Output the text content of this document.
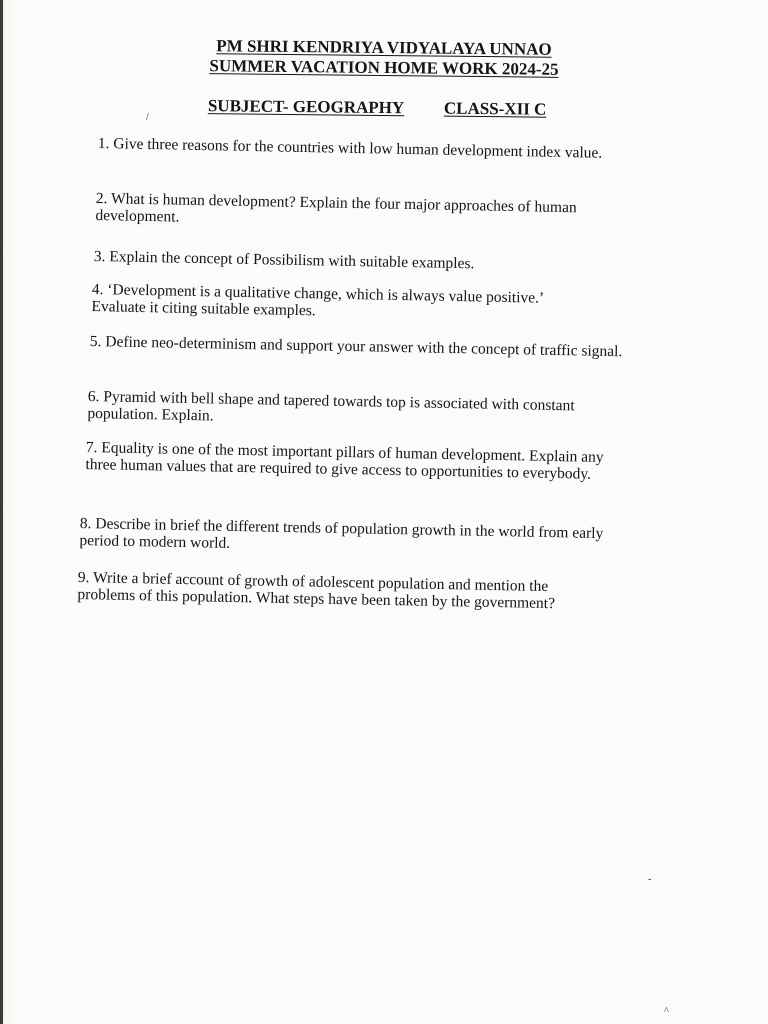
PM SHRI KENDRIYA VIDYALAYA UNNAO
SUMMER VACATION HOME WORK 2024-25
SUBJECT- GEOGRAPHY CLASS-XII C

1. Give three reasons for the countries with low human development index value.

2. What is human development? Explain the four major approaches of human development.

3. Explain the concept of Possibilism with suitable examples.

4. ‘Development is a qualitative change, which is always value positive.’ Evaluate it citing suitable examples.

5. Define neo-determinism and support your answer with the concept of traffic signal.

6. Pyramid with bell shape and tapered towards top is associated with constant population. Explain.

7. Equality is one of the most important pillars of human development. Explain any three human values that are required to give access to opportunities to everybody.

8. Describe in brief the different trends of population growth in the world from early period to modern world.

9. Write a brief account of growth of adolescent population and mention the problems of this population. What steps have been taken by the government?

/
-
^
